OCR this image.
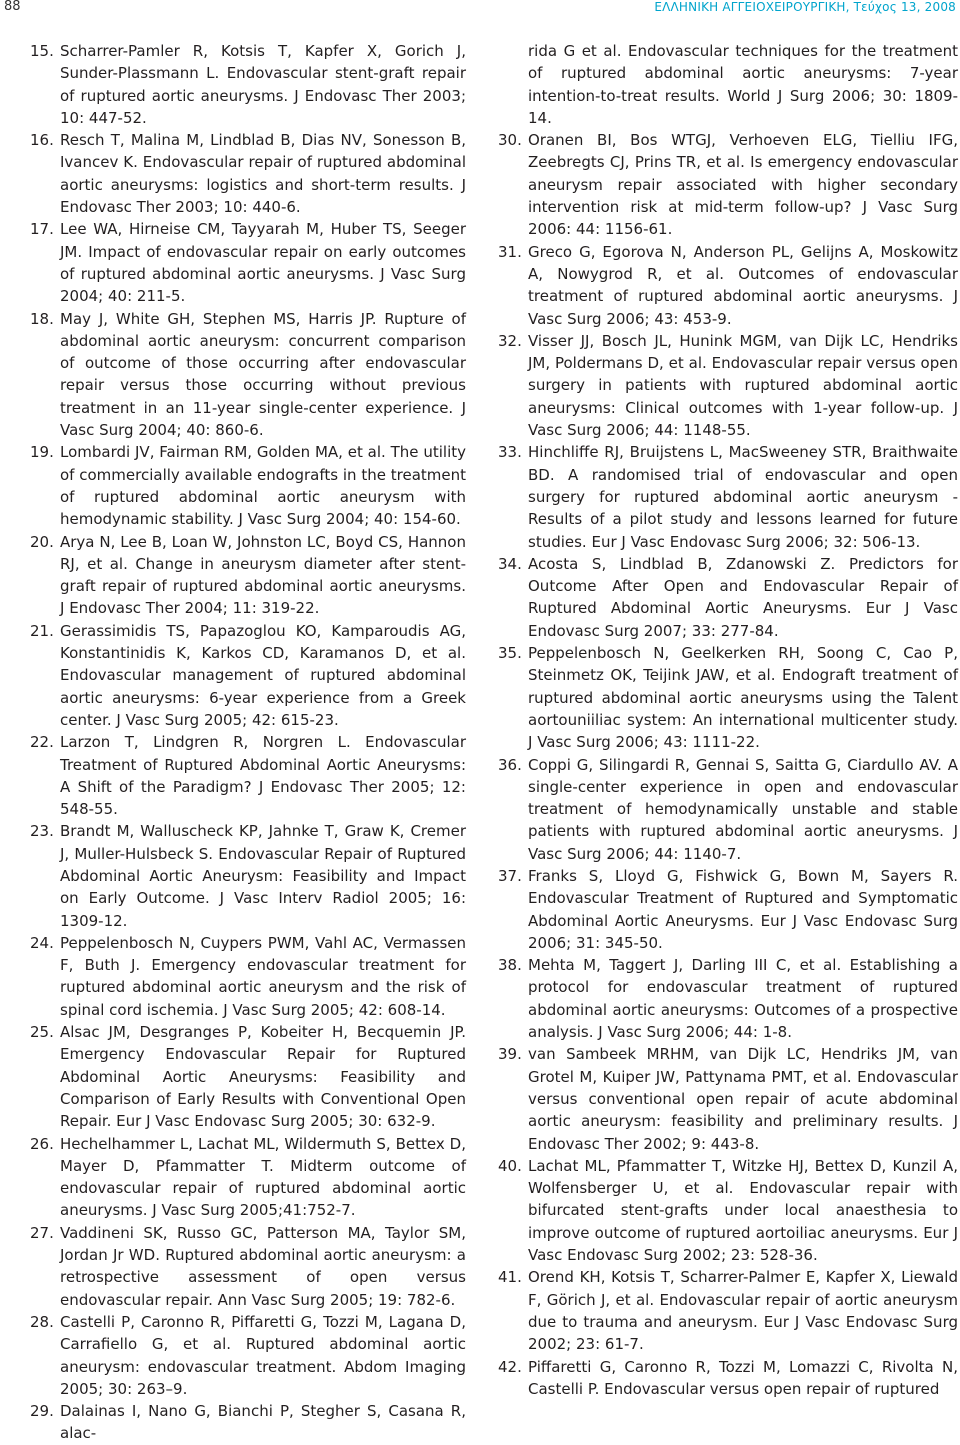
88	ΕΛΛΗΝΙΚΗ ΑΓΓΕΙΟΧΕΙΡΟΥΡΓΙΚΗ, Τεύχος 13, 2008

15. Scharrer-Pamler R, Kotsis T, Kapfer X, Gorich J, Sunder-Plassmann L. Endovascular stent-graft repair of ruptured aortic aneurysms. J Endovasc Ther 2003; 10: 447-52.

16. Resch T, Malina M, Lindblad B, Dias NV, Sonesson B, Ivancev K. Endovascular repair of ruptured abdominal aortic aneurysms: logistics and short-term results. J Endovasc Ther 2003; 10: 440-6.

17. Lee WA, Hirneise CM, Tayyarah M, Huber TS, Seeger JM. Impact of endovascular repair on early outcomes of ruptured abdominal aortic aneurysms. J Vasc Surg 2004; 40: 211-5.

18. May J, White GH, Stephen MS, Harris JP. Rupture of abdominal aortic aneurysm: concurrent comparison of outcome of those occurring after endovascular repair versus those occurring without previous treatment in an 11-year single-center experience. J Vasc Surg 2004; 40: 860-6.

19. Lombardi JV, Fairman RM, Golden MA, et al. The utility of commercially available endografts in the treatment of ruptured abdominal aortic aneurysm with hemodynamic stability. J Vasc Surg 2004; 40: 154-60.

20. Arya N, Lee B, Loan W, Johnston LC, Boyd CS, Hannon RJ, et al. Change in aneurysm diameter after stent-graft repair of ruptured abdominal aortic aneurysms. J Endovasc Ther 2004; 11: 319-22.

21. Gerassimidis TS, Papazoglou KO, Kamparoudis AG, Konstantinidis K, Karkos CD, Karamanos D, et al. Endovascular management of ruptured abdominal aortic aneurysms: 6-year experience from a Greek center. J Vasc Surg 2005; 42: 615-23.

22. Larzon T, Lindgren R, Norgren L. Endovascular Treatment of Ruptured Abdominal Aortic Aneurysms: A Shift of the Paradigm? J Endovasc Ther 2005; 12: 548-55.

23. Brandt M, Walluscheck KP, Jahnke T, Graw K, Cremer J, Muller-Hulsbeck S. Endovascular Repair of Ruptured Abdominal Aortic Aneurysm: Feasibility and Impact on Early Outcome. J Vasc Interv Radiol 2005; 16: 1309-12.

24. Peppelenbosch N, Cuypers PWM, Vahl AC, Vermassen F, Buth J. Emergency endovascular treatment for ruptured abdominal aortic aneurysm and the risk of spinal cord ischemia. J Vasc Surg 2005; 42: 608-14.

25. Alsac JM, Desgranges P, Kobeiter H, Becquemin JP. Emergency Endovascular Repair for Ruptured Abdominal Aortic Aneurysms: Feasibility and Comparison of Early Results with Conventional Open Repair. Eur J Vasc Endovasc Surg 2005; 30: 632-9.

26. Hechelhammer L, Lachat ML, Wildermuth S, Bettex D, Mayer D, Pfammatter T. Midterm outcome of endovascular repair of ruptured abdominal aortic aneurysms. J Vasc Surg 2005;41:752-7.

27. Vaddineni SK, Russo GC, Patterson MA, Taylor SM, Jordan Jr WD. Ruptured abdominal aortic aneurysm: a retrospective assessment of open versus endovascular repair. Ann Vasc Surg 2005; 19: 782-6.

28. Castelli P, Caronno R, Piffaretti G, Tozzi M, Lagana D, Carrafiello G, et al. Ruptured abdominal aortic aneurysm: endovascular treatment. Abdom Imaging 2005; 30: 263–9.

29. Dalainas I, Nano G, Bianchi P, Stegher S, Casana R, alac-

rida G et al. Endovascular techniques for the treatment of ruptured abdominal aortic aneurysms: 7-year intention-to-treat results. World J Surg 2006; 30: 1809-14.

30. Oranen BI, Bos WTGJ, Verhoeven ELG, Tielliu IFG, Zeebregts CJ, Prins TR, et al. Is emergency endovascular aneurysm repair associated with higher secondary intervention risk at mid-term follow-up? J Vasc Surg 2006: 44: 1156-61.

31. Greco G, Egorova N, Anderson PL, Gelijns A, Moskowitz A, Nowygrod R, et al. Outcomes of endovascular treatment of ruptured abdominal aortic aneurysms. J Vasc Surg 2006; 43: 453-9.

32. Visser JJ, Bosch JL, Hunink MGM, van Dijk LC, Hendriks JM, Poldermans D, et al. Endovascular repair versus open surgery in patients with ruptured abdominal aortic aneurysms: Clinical outcomes with 1-year follow-up. J Vasc Surg 2006; 44: 1148-55.

33. Hinchliffe RJ, Bruijstens L, MacSweeney STR, Braithwaite BD. A randomised trial of endovascular and open surgery for ruptured abdominal aortic aneurysm - Results of a pilot study and lessons learned for future studies. Eur J Vasc Endovasc Surg 2006; 32: 506-13.

34. Acosta S, Lindblad B, Zdanowski Z. Predictors for Outcome After Open and Endovascular Repair of Ruptured Abdominal Aortic Aneurysms. Eur J Vasc Endovasc Surg 2007; 33: 277-84.

35. Peppelenbosch N, Geelkerken RH, Soong C, Cao P, Steinmetz OK, Teijink JAW, et al. Endograft treatment of ruptured abdominal aortic aneurysms using the Talent aortouniiliac system: An international multicenter study. J Vasc Surg 2006; 43: 1111-22.

36. Coppi G, Silingardi R, Gennai S, Saitta G, Ciardullo AV. A single-center experience in open and endovascular treatment of hemodynamically unstable and stable patients with ruptured abdominal aortic aneurysms. J Vasc Surg 2006; 44: 1140-7.

37. Franks S, Lloyd G, Fishwick G, Bown M, Sayers R. Endovascular Treatment of Ruptured and Symptomatic Abdominal Aortic Aneurysms. Eur J Vasc Endovasc Surg 2006; 31: 345-50.

38. Mehta M, Taggert J, Darling III C, et al. Establishing a protocol for endovascular treatment of ruptured abdominal aortic aneurysms: Outcomes of a prospective analysis. J Vasc Surg 2006; 44: 1-8.

39. van Sambeek MRHM, van Dijk LC, Hendriks JM, van Grotel M, Kuiper JW, Pattynama PMT, et al. Endovascular versus conventional open repair of acute abdominal aortic aneurysm: feasibility and preliminary results. J Endovasc Ther 2002; 9: 443-8.

40. Lachat ML, Pfammatter T, Witzke HJ, Bettex D, Kunzil A, Wolfensberger U, et al. Endovascular repair with bifurcated stent-grafts under local anaesthesia to improve outcome of ruptured aortoiliac aneurysms. Eur J Vasc Endovasc Surg 2002; 23: 528-36.

41. Orend KH, Kotsis T, Scharrer-Palmer E, Kapfer X, Liewald F, Görich J, et al. Endovascular repair of aortic aneurysm due to trauma and aneurysm. Eur J Vasc Endovasc Surg 2002; 23: 61-7.

42. Piffaretti G, Caronno R, Tozzi M, Lomazzi C, Rivolta N, Castelli P. Endovascular versus open repair of ruptured
